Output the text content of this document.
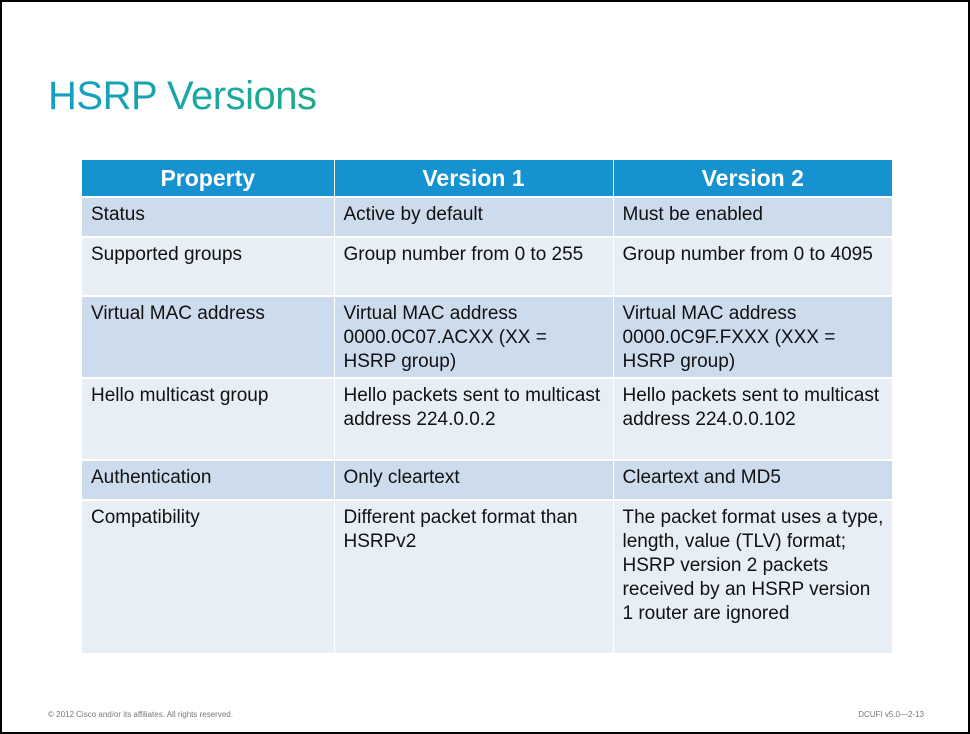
HSRP Versions
Property	Version 1	Version 2
Status	Active by default	Must be enabled
Supported groups	Group number from 0 to 255	Group number from 0 to 4095
Virtual MAC address	Virtual MAC address 0000.0C07.ACXX (XX = HSRP group)	Virtual MAC address 0000.0C9F.FXXX (XXX = HSRP group)
Hello multicast group	Hello packets sent to multicast address 224.0.0.2	Hello packets sent to multicast address 224.0.0.102
Authentication	Only cleartext	Cleartext and MD5
Compatibility	Different packet format than HSRPv2	The packet format uses a type, length, value (TLV) format; HSRP version 2 packets received by an HSRP version 1 router are ignored
© 2012 Cisco and/or its affiliates. All rights reserved.	DCUFI v5.0—2-13
